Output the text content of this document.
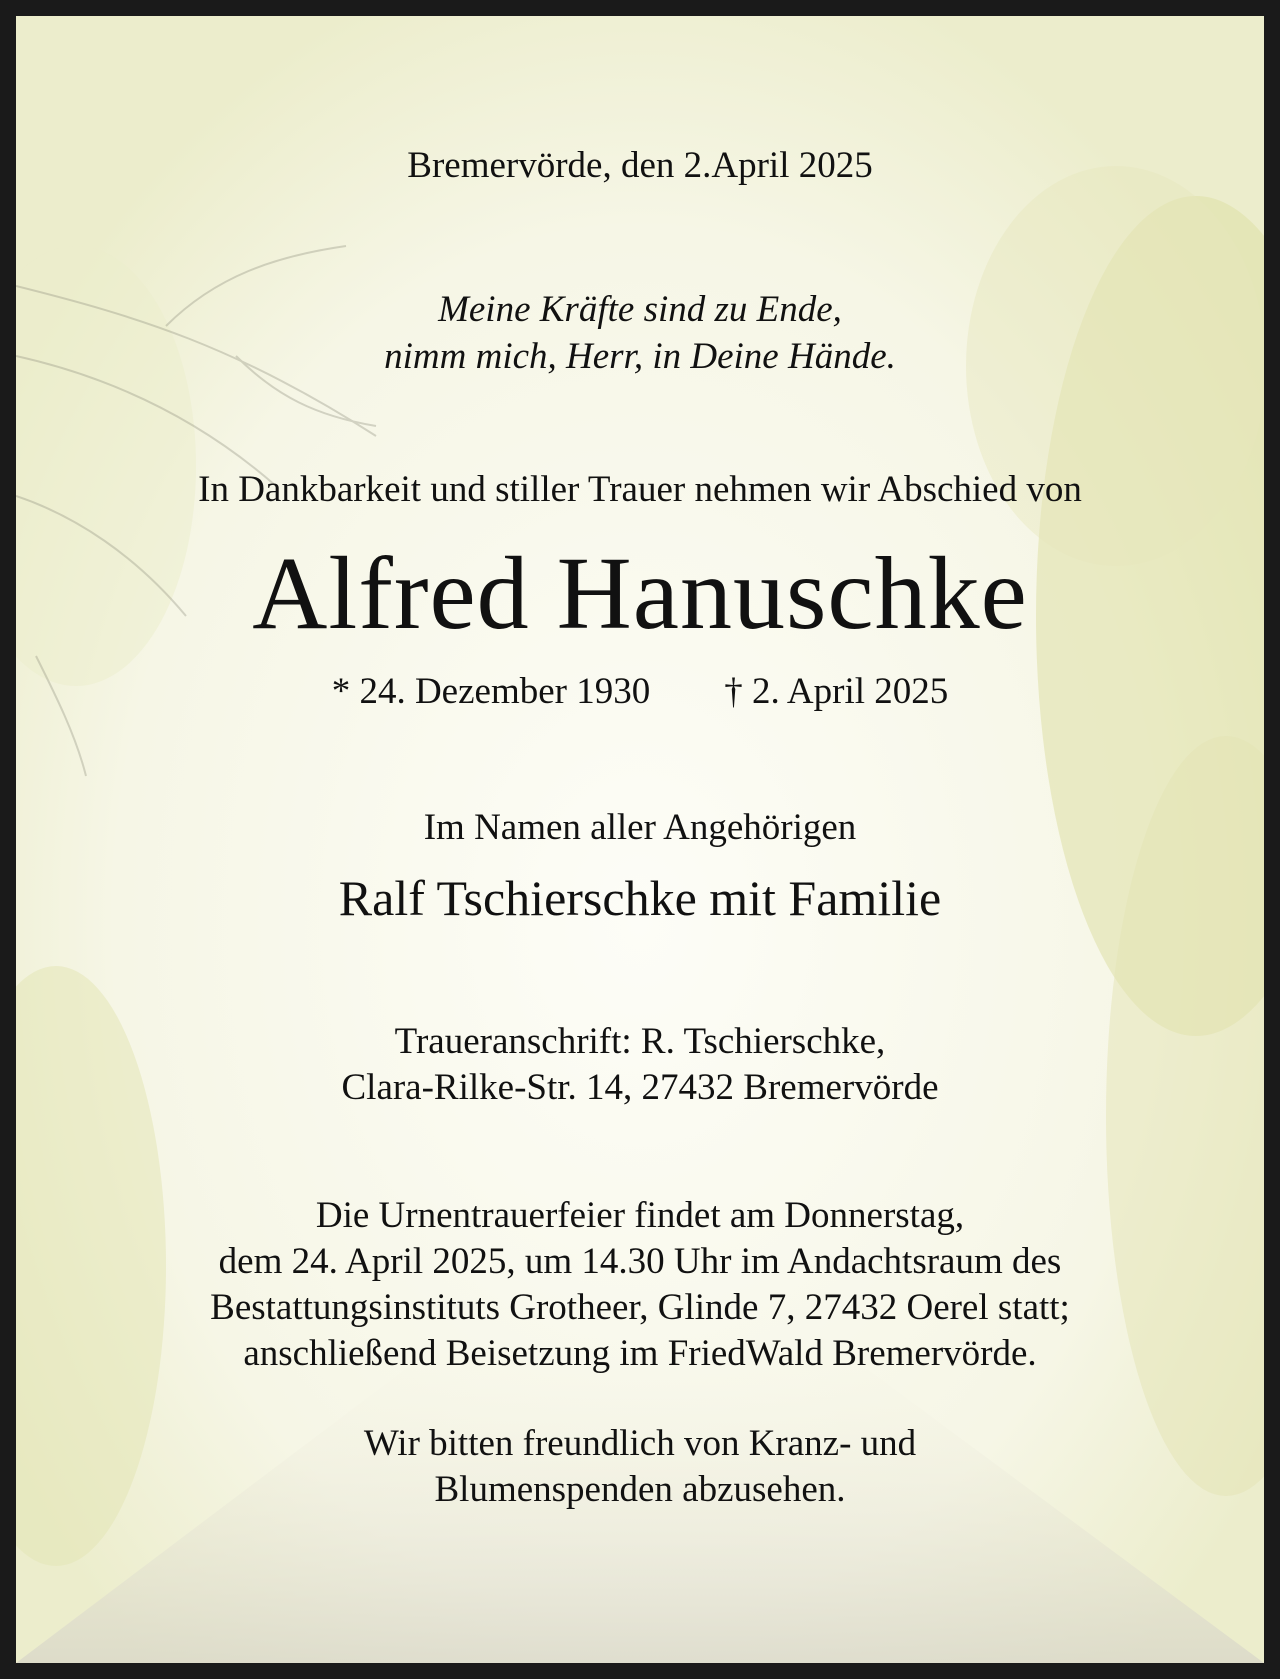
Bremervörde, den 2.April 2025
Meine Kräfte sind zu Ende,
nimm mich, Herr, in Deine Hände.
In Dankbarkeit und stiller Trauer nehmen wir Abschied von
Alfred Hanuschke
* 24. Dezember 1930 † 2. April 2025
Im Namen aller Angehörigen
Ralf Tschierschke mit Familie
Traueranschrift: R. Tschierschke,
Clara-Rilke-Str. 14, 27432 Bremervörde
Die Urnentrauerfeier findet am Donnerstag,
dem 24. April 2025, um 14.30 Uhr im Andachtsraum des
Bestattungsinstituts Grotheer, Glinde 7, 27432 Oerel statt;
anschließend Beisetzung im FriedWald Bremervörde.
Wir bitten freundlich von Kranz- und
Blumenspenden abzusehen.
